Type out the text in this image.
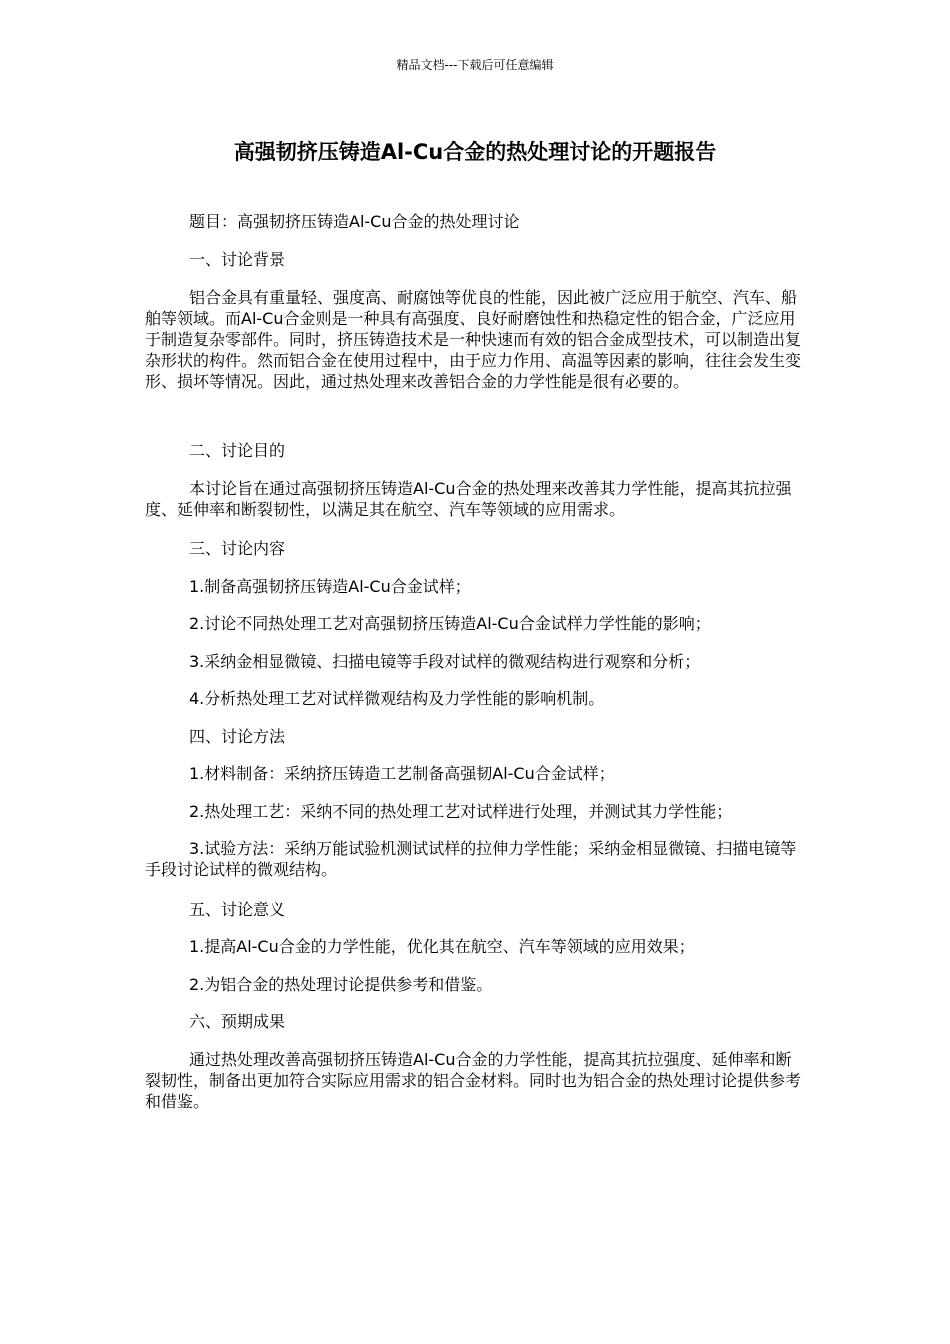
精品文档---下载后可任意编辑
高强韧挤压铸造Al-Cu合金的热处理讨论的开题报告

题目：高强韧挤压铸造Al-Cu合金的热处理讨论

一、讨论背景

铝合金具有重量轻、强度高、耐腐蚀等优良的性能，因此被广泛应用于航空、汽车、船舶等领域。而Al-Cu合金则是一种具有高强度、良好耐磨蚀性和热稳定性的铝合金，广泛应用于制造复杂零部件。同时，挤压铸造技术是一种快速而有效的铝合金成型技术，可以制造出复杂形状的构件。然而铝合金在使用过程中，由于应力作用、高温等因素的影响，往往会发生变形、损坏等情况。因此，通过热处理来改善铝合金的力学性能是很有必要的。

二、讨论目的

本讨论旨在通过高强韧挤压铸造Al-Cu合金的热处理来改善其力学性能，提高其抗拉强度、延伸率和断裂韧性，以满足其在航空、汽车等领域的应用需求。

三、讨论内容

1.制备高强韧挤压铸造Al-Cu合金试样；

2.讨论不同热处理工艺对高强韧挤压铸造Al-Cu合金试样力学性能的影响；

3.采纳金相显微镜、扫描电镜等手段对试样的微观结构进行观察和分析；

4.分析热处理工艺对试样微观结构及力学性能的影响机制。

四、讨论方法

1.材料制备：采纳挤压铸造工艺制备高强韧Al-Cu合金试样；

2.热处理工艺：采纳不同的热处理工艺对试样进行处理，并测试其力学性能；

3.试验方法：采纳万能试验机测试试样的拉伸力学性能；采纳金相显微镜、扫描电镜等手段讨论试样的微观结构。

五、讨论意义

1.提高Al-Cu合金的力学性能，优化其在航空、汽车等领域的应用效果；

2.为铝合金的热处理讨论提供参考和借鉴。

六、预期成果

通过热处理改善高强韧挤压铸造Al-Cu合金的力学性能，提高其抗拉强度、延伸率和断裂韧性，制备出更加符合实际应用需求的铝合金材料。同时也为铝合金的热处理讨论提供参考和借鉴。
